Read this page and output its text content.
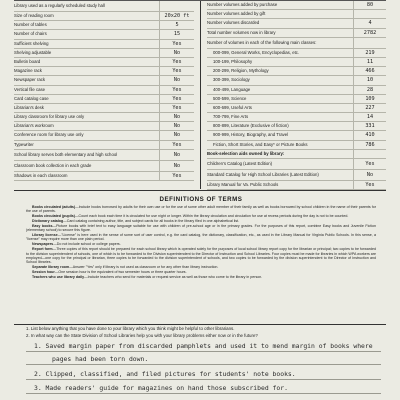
Library used as a regularly scheduled study hall
Size of reading room	20x20 ft
Number of tables	5
Number of chairs	15
Sufficient shelving	Yes
Shelving adjustable	No
Bulletin board	Yes
Magazine rack	Yes
Newspaper rack	No
Vertical file case	Yes
Card catalog case	Yes
Librarian's desk	Yes
Library classroom for library use only	No
Librarian's workroom	No
Conference room for library use only	No
Typewriter	Yes
School library serves both elementary and high school	No
Classroom book collection in each grade	No
Shadows in each classroom	Yes
Number volumes added by purchase	80
Number volumes added by gift
Number volumes discarded	4
Total number volumes now in library	2782
Number of volumes in each of the following main classes:
000-099, General Works, Encyclopedias, etc.	219
100-199, Philosophy	11
200-299, Religion, Mythology	466
300-399, Sociology	10
400-499, Language	28
500-599, Science	109
600-699, Useful Arts	227
700-799, Fine Arts	14
800-899, Literature (Exclusive of fiction)	331
900-999, History, Biography, and Travel	410
Fiction, Short Stories, and Easy* or Picture Books	786
Book-selection aids owned by library:
Children's Catalog (Latest Edition)	Yes
Standard Catalog for High School Libraries (Latest Edition)	No
Library Manual for Va. Public Schools	Yes
DEFINITIONS OF TERMS

Books circulated (adults)—Include books borrowed by adults for their own use or for the use of some other adult member of their family as well as books borrowed by school children in the name of their parents for the use of parents.

Books circulated (pupils)—Count each book each time it is circulated for use night or longer. Within the library circulation and circulation for use at recess periods during the day is not to be counted.

Dictionary catalog—Card catalog containing author, title, and subject cards for all books in the library filed in one alphabetical list.

Easy books—Picture books with brief text to easy language suitable for use with children of pre-school age or in the primary grades. For the purposes of this report, combine Easy books and Juvenile Fiction (elementary school) to secure this figure.

Library license—"License" is here used in the sense of some sort of user control, e.g. the card catalog, the dictionary, classification, etc., as used in the Library Manual for Virginia Public Schools. In this sense, a "license" may require more than one plain period.

Newspapers—Do not include school or college papers.

Report form—Three copies of this report should be prepared for each school library which is operated solely for the purposes of local school library report copy for the librarian or principal; two copies to be forwarded to the division superintendent of schools, one of which is to be forwarded to the Division superintendent to the Director of Instruction and School Libraries. Four copies must be made for libraries in which WPA workers are employed—one copy for the principal or librarian, three copies to be forwarded to the division superintendent of schools, and two copies to be forwarded by the division superintendent to the Director of Instruction and School libraries.

Separate library room—Answer "Yes" only if library is not used as classroom or for any other than library instruction.

Session hour—One session hour is the equivalent of two semester hours or three quarter hours.

Teachers who use library daily—Include teachers who send for materials or request service as well as those who come to the library in person.

1. List below anything that you have done to your library which you think might be helpful to other librarians.
2. In what way can the State Division of School Libraries help you with your library problems either now or in the future?
1. Saved margin paper from discarded pamphlets and used it to mend margin of books where
pages had been torn down.
2. Clipped, classified, and filed pictures for students' note books.
3. Made readers' guide for magazines on hand those subscribed for.
